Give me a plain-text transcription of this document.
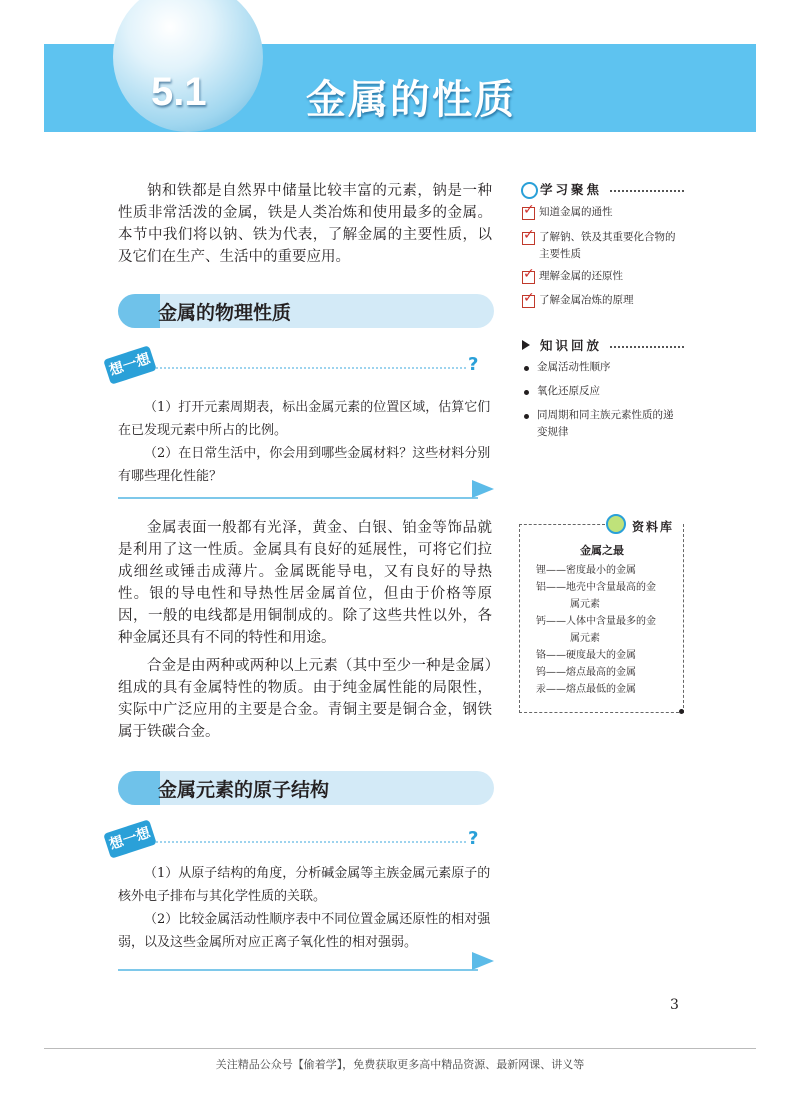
5.1 金属的性质

钠和铁都是自然界中储量比较丰富的元素，钠是一种性质非常活泼的金属，铁是人类冶炼和使用最多的金属。本节中我们将以钠、铁为代表，了解金属的主要性质，以及它们在生产、生活中的重要应用。

金属的物理性质
想一想	?

（1）打开元素周期表，标出金属元素的位置区域，估算它们在已发现元素中所占的比例。

（2）在日常生活中，你会用到哪些金属材料？这些材料分别有哪些理化性能？

金属表面一般都有光泽，黄金、白银、铂金等饰品就是利用了这一性质。金属具有良好的延展性，可将它们拉成细丝或锤击成薄片。金属既能导电，又有良好的导热性。银的导电性和导热性居金属首位，但由于价格等原因，一般的电线都是用铜制成的。除了这些共性以外，各种金属还具有不同的特性和用途。

合金是由两种或两种以上元素（其中至少一种是金属）组成的具有金属特性的物质。由于纯金属性能的局限性，实际中广泛应用的主要是合金。青铜主要是铜合金，钢铁属于铁碳合金。

金属元素的原子结构
想一想	?

（1）从原子结构的角度，分析碱金属等主族金属元素原子的核外电子排布与其化学性质的关联。

（2）比较金属活动性顺序表中不同位置金属还原性的相对强弱，以及这些金属所对应正离子氧化性的相对强弱。

学习聚焦
✓
知道金属的通性
✓
了解钠、铁及其重要化合物的
主要性质
✓
理解金属的还原性
✓
了解金属冶炼的原理
知识回放
金属活动性顺序
氧化还原反应
同周期和同主族元素性质的递
变规律
资料库
金属之最
锂——密度最小的金属
铝——地壳中含量最高的金
属元素
钙——人体中含量最多的金
属元素
铬——硬度最大的金属
钨——熔点最高的金属
汞——熔点最低的金属
3
关注精品公众号【偷着学】，免费获取更多高中精品资源、最新网课、讲义等
